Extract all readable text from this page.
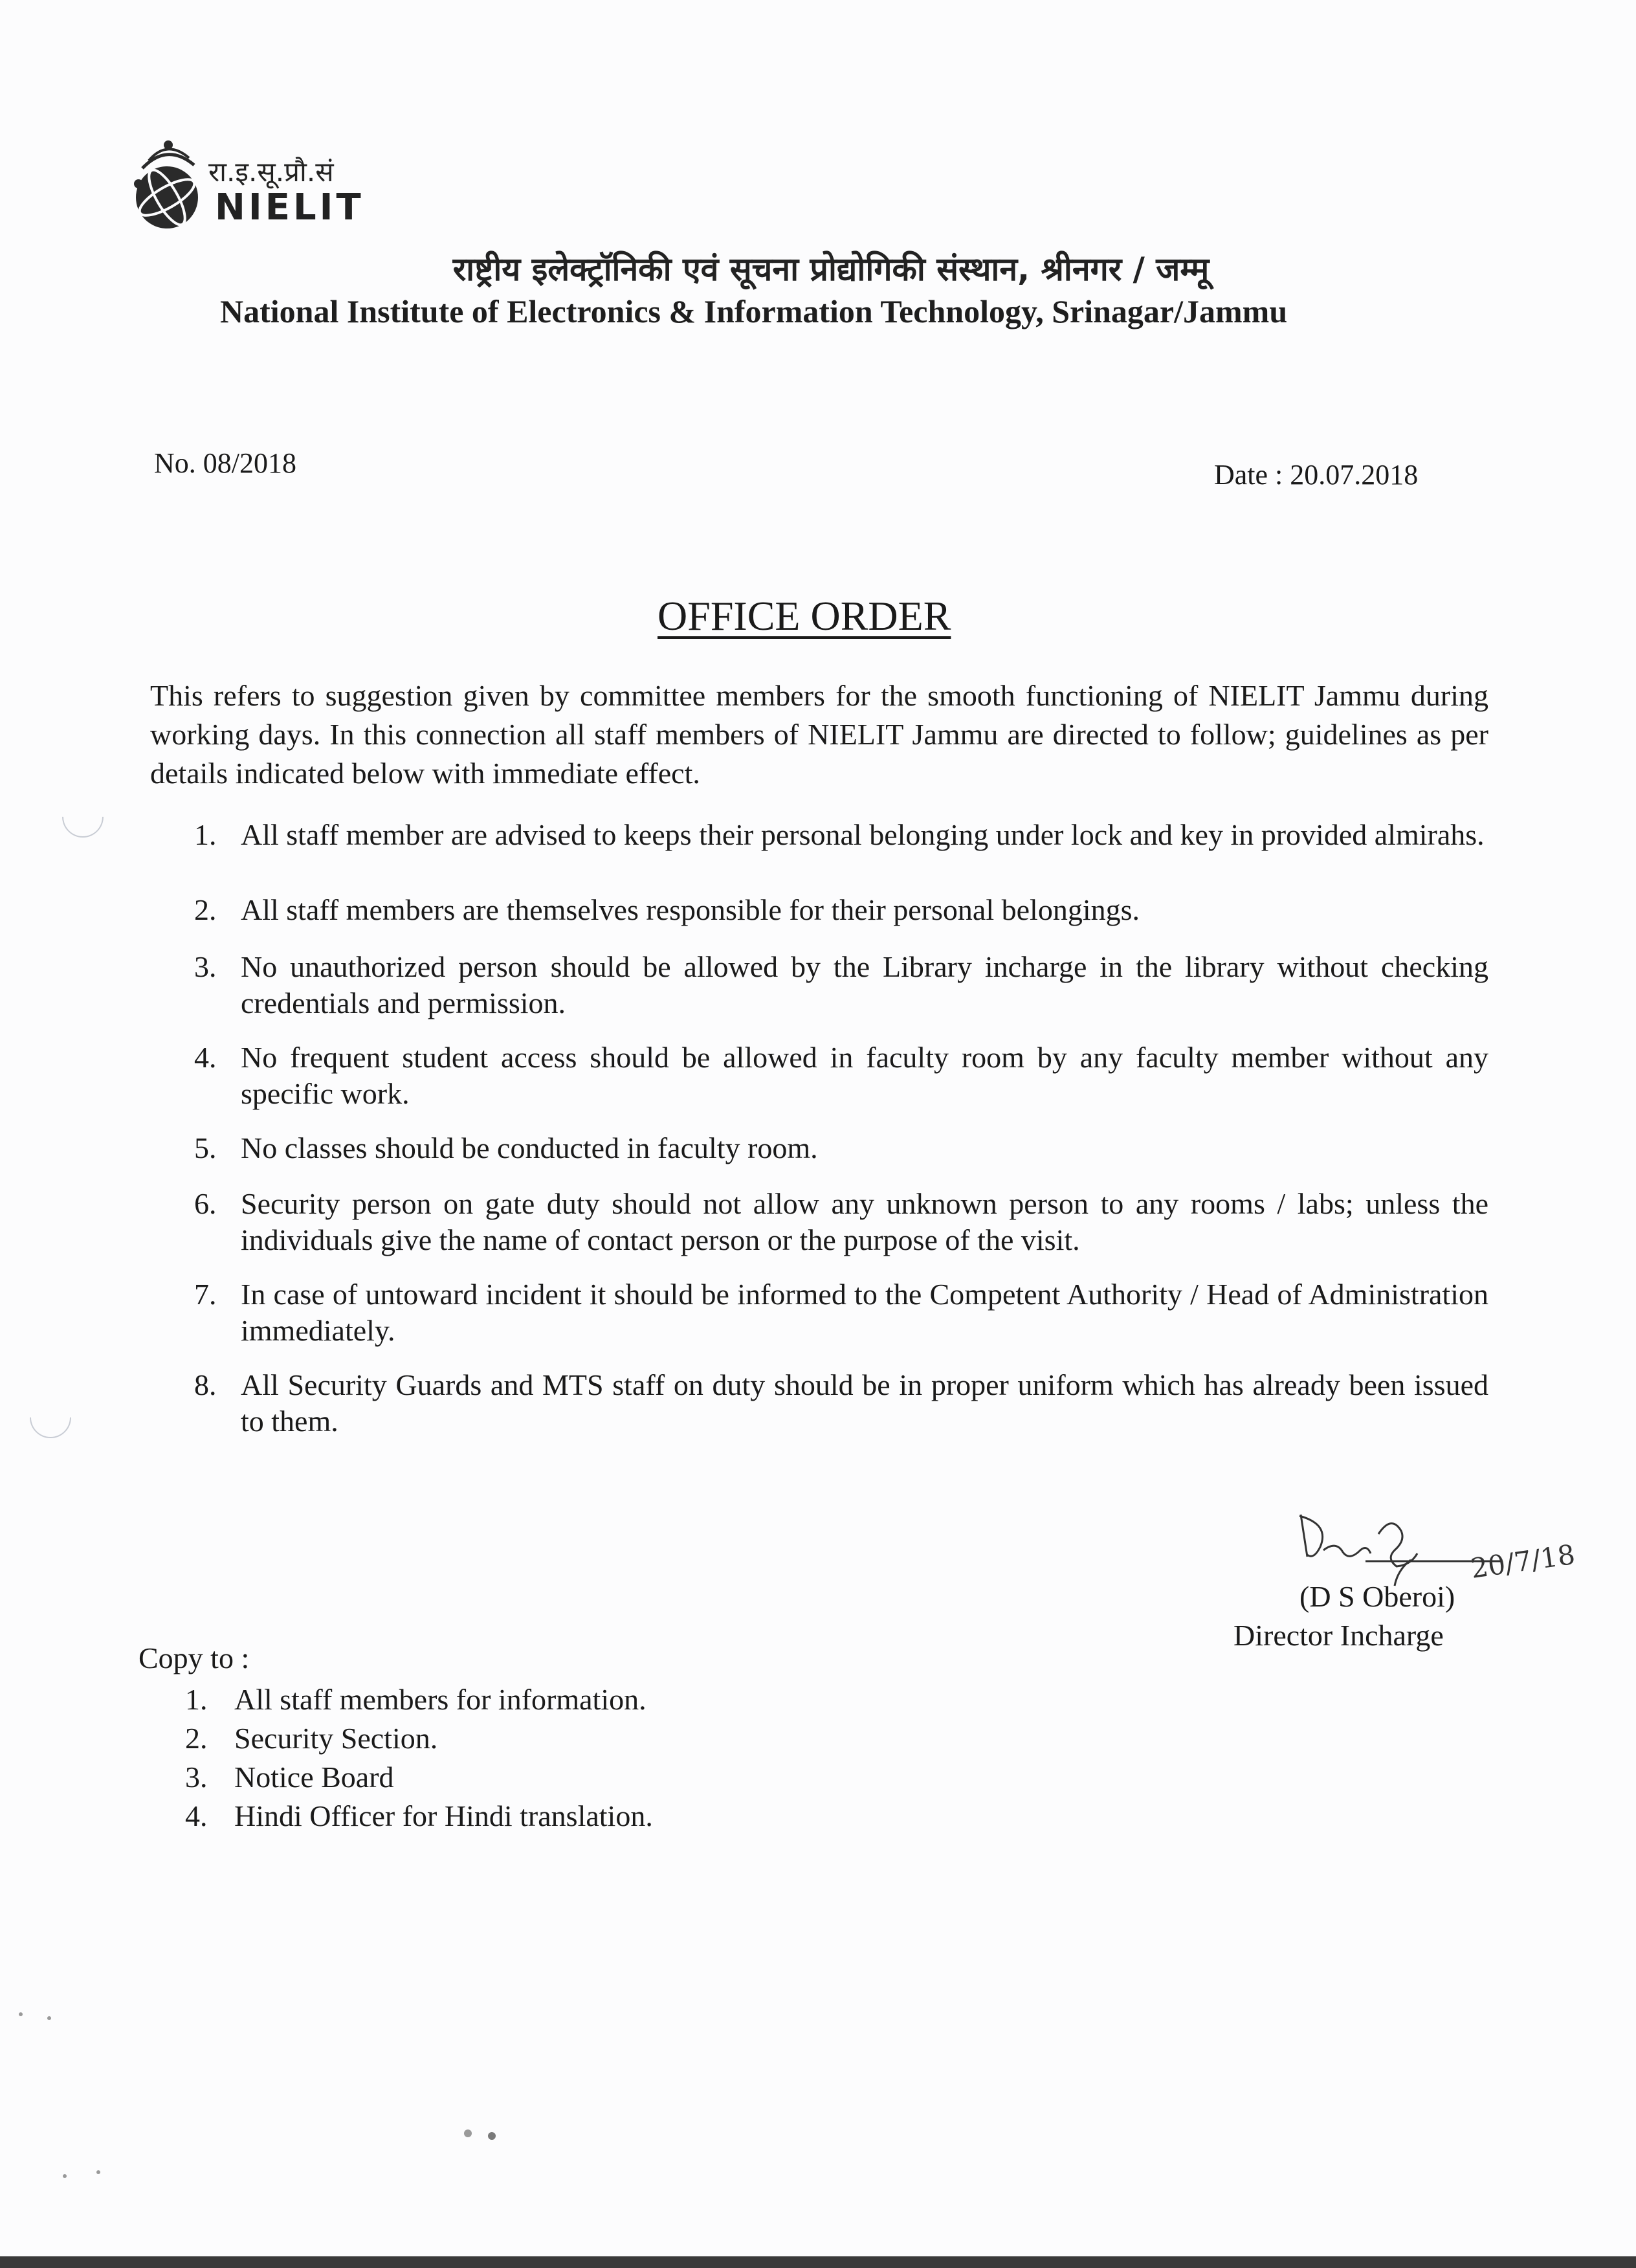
रा.इ.सू.प्रौ.सं
NIELIT
राष्ट्रीय इलेक्ट्रॉनिकी एवं सूचना प्रोद्योगिकी संस्थान, श्रीनगर / जम्मू
National Institute of Electronics & Information Technology, Srinagar/Jammu
No. 08/2018	Date : 20.07.2018
OFFICE ORDER
This refers to suggestion given by committee members for the smooth functioning of NIELIT Jammu during working days. In this connection all staff members of NIELIT Jammu are directed to follow; guidelines as per details indicated below with immediate effect.
1. All staff member are advised to keeps their personal belonging under lock and key in provided almirahs.
2. All staff members are themselves responsible for their personal belongings.
3. No unauthorized person should be allowed by the Library incharge in the library without checking credentials and permission.
4. No frequent student access should be allowed in faculty room by any faculty member without any specific work.
5. No classes should be conducted in faculty room.
6. Security person on gate duty should not allow any unknown person to any rooms / labs; unless the individuals give the name of contact person or the purpose of the visit.
7. In case of untoward incident it should be informed to the Competent Authority / Head of Administration immediately.
8. All Security Guards and MTS staff on duty should be in proper uniform which has already been issued to them.
20/7/18
(D S Oberoi)
Director Incharge
Copy to :
1. All staff members for information.
2. Security Section.
3. Notice Board
4. Hindi Officer for Hindi translation.
